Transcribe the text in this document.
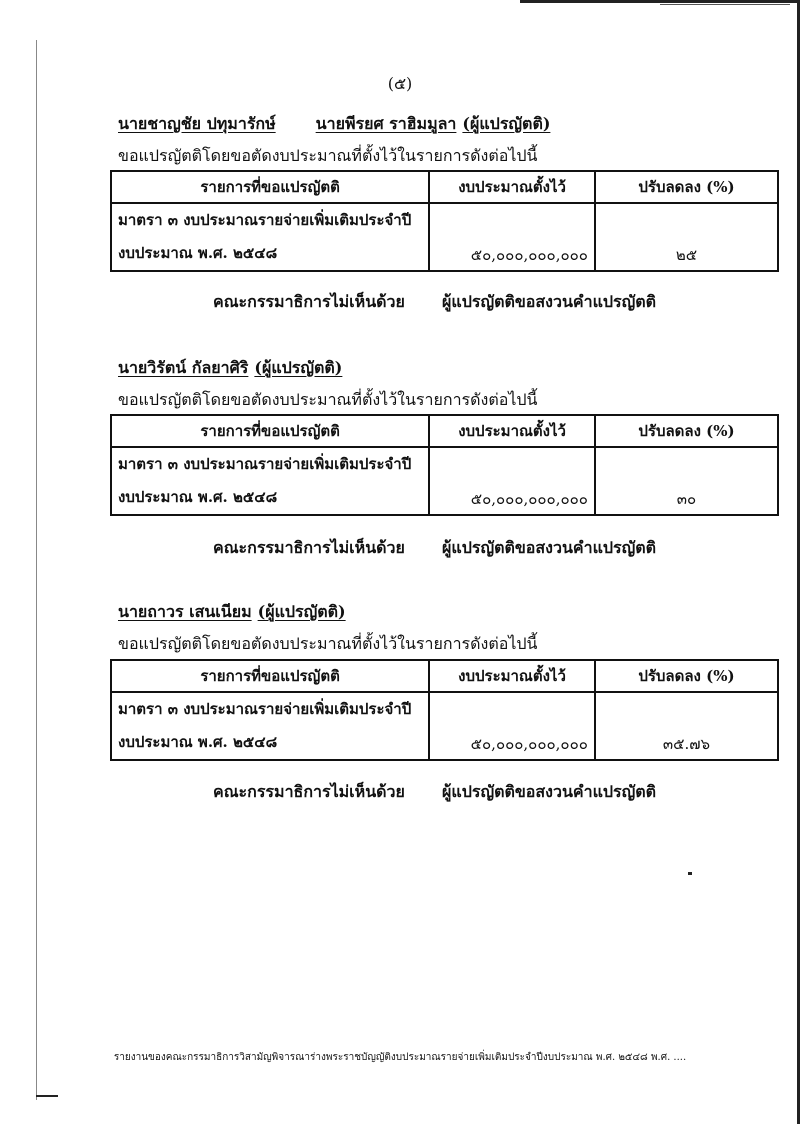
(๕)
นายชาญชัย ปทุมารักษ์	นายพีรยศ ราฮิมมูลา (ผู้แปรญัตติ)
ขอแปรญัตติโดยขอตัดงบประมาณที่ตั้งไว้ในรายการดังต่อไปนี้
รายการที่ขอแปรญัตติ	งบประมาณตั้งไว้	ปรับลดลง (%)

มาตรา ๓ งบประมาณรายจ่ายเพิ่มเติมประจำปี
งบประมาณ พ.ศ. ๒๕๔๘	๕๐,๐๐๐,๐๐๐,๐๐๐	๒๕
คณะกรรมาธิการไม่เห็นด้วย ผู้แปรญัตติขอสงวนคำแปรญัตติ
นายวิรัตน์ กัลยาศิริ (ผู้แปรญัตติ)
ขอแปรญัตติโดยขอตัดงบประมาณที่ตั้งไว้ในรายการดังต่อไปนี้
รายการที่ขอแปรญัตติ	งบประมาณตั้งไว้	ปรับลดลง (%)

มาตรา ๓ งบประมาณรายจ่ายเพิ่มเติมประจำปี
งบประมาณ พ.ศ. ๒๕๔๘	๕๐,๐๐๐,๐๐๐,๐๐๐	๓๐
คณะกรรมาธิการไม่เห็นด้วย ผู้แปรญัตติขอสงวนคำแปรญัตติ
นายถาวร เสนเนียม (ผู้แปรญัตติ)
ขอแปรญัตติโดยขอตัดงบประมาณที่ตั้งไว้ในรายการดังต่อไปนี้
รายการที่ขอแปรญัตติ	งบประมาณตั้งไว้	ปรับลดลง (%)

มาตรา ๓ งบประมาณรายจ่ายเพิ่มเติมประจำปี
งบประมาณ พ.ศ. ๒๕๔๘	๕๐,๐๐๐,๐๐๐,๐๐๐	๓๕.๗๖
คณะกรรมาธิการไม่เห็นด้วย ผู้แปรญัตติขอสงวนคำแปรญัตติ
รายงานของคณะกรรมาธิการวิสามัญพิจารณาร่างพระราชบัญญัติงบประมาณรายจ่ายเพิ่มเติมประจำปีงบประมาณ พ.ศ. ๒๕๔๘ พ.ศ. ....
